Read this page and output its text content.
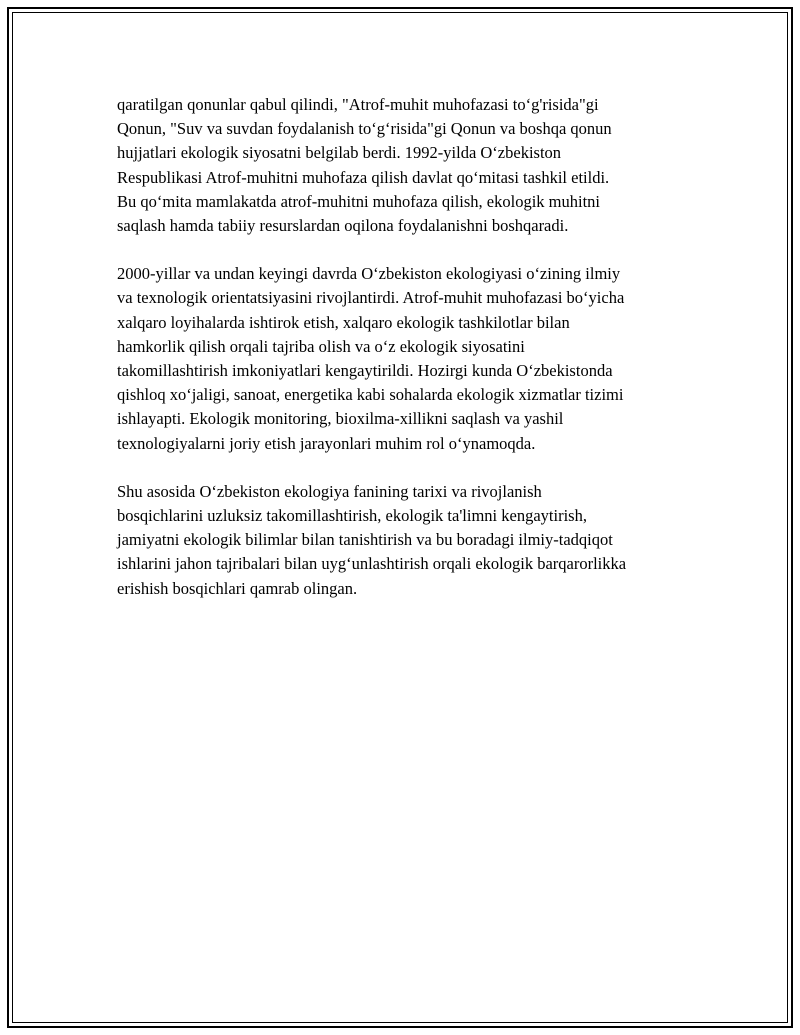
qaratilgan qonunlar qabul qilindi, "Atrof-muhit muhofazasi to‘g'risida"gi
Qonun, "Suv va suvdan foydalanish to‘g‘risida"gi Qonun va boshqa qonun
hujjatlari ekologik siyosatni belgilab berdi. 1992-yilda O‘zbekiston
Respublikasi Atrof-muhitni muhofaza qilish davlat qo‘mitasi tashkil etildi.
Bu qo‘mita mamlakatda atrof-muhitni muhofaza qilish, ekologik muhitni
saqlash hamda tabiiy resurslardan oqilona foydalanishni boshqaradi.

2000-yillar va undan keyingi davrda O‘zbekiston ekologiyasi o‘zining ilmiy
va texnologik orientatsiyasini rivojlantirdi. Atrof-muhit muhofazasi bo‘yicha
xalqaro loyihalarda ishtirok etish, xalqaro ekologik tashkilotlar bilan
hamkorlik qilish orqali tajriba olish va o‘z ekologik siyosatini
takomillashtirish imkoniyatlari kengaytirildi. Hozirgi kunda O‘zbekistonda
qishloq xo‘jaligi, sanoat, energetika kabi sohalarda ekologik xizmatlar tizimi
ishlayapti. Ekologik monitoring, bioxilma-xillikni saqlash va yashil
texnologiyalarni joriy etish jarayonlari muhim rol o‘ynamoqda.

Shu asosida O‘zbekiston ekologiya fanining tarixi va rivojlanish
bosqichlarini uzluksiz takomillashtirish, ekologik ta'limni kengaytirish,
jamiyatni ekologik bilimlar bilan tanishtirish va bu boradagi ilmiy-tadqiqot
ishlarini jahon tajribalari bilan uyg‘unlashtirish orqali ekologik barqarorlikka
erishish bosqichlari qamrab olingan.
